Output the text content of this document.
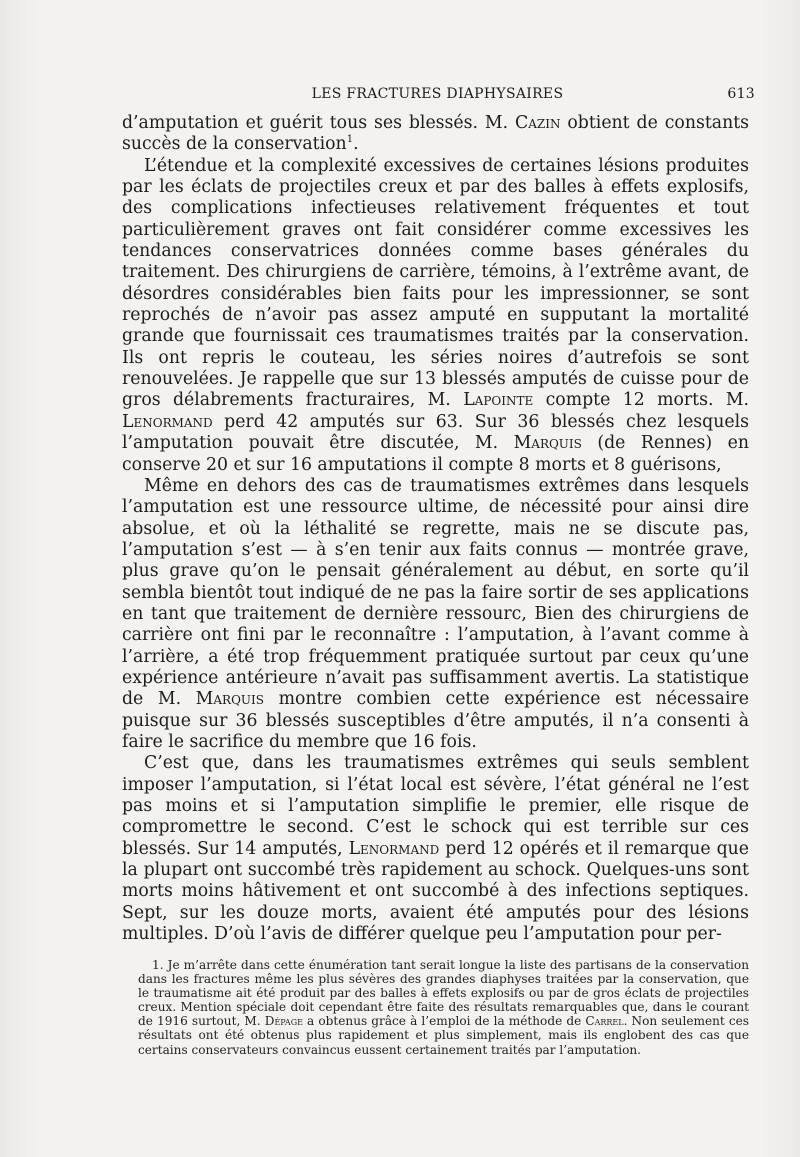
LES FRACTURES DIAPHYSAIRES	613

d’amputation et guérit tous ses blessés. M. Cazin obtient de constants succès de la conservation$^1$.

L’étendue et la complexité excessives de certaines lésions produites par les éclats de projectiles creux et par des balles à effets explosifs, des complications infectieuses relativement fréquentes et tout particulièrement graves ont fait considérer comme excessives les tendances conservatrices données comme bases générales du traitement. Des chirurgiens de carrière, témoins, à l’extrême avant, de désordres considérables bien faits pour les impressionner, se sont reprochés de n’avoir pas assez amputé en supputant la mortalité grande que fournissait ces traumatismes traités par la conservation. Ils ont repris le couteau, les séries noires d’autrefois se sont renouvelées. Je rappelle que sur 13 blessés amputés de cuisse pour de gros délabrements fracturaires, M. Lapointe compte 12 morts. M. Lenormand perd 42 amputés sur 63. Sur 36 blessés chez lesquels l’amputation pouvait être discutée, M. Marquis (de Rennes) en conserve 20 et sur 16 amputations il compte 8 morts et 8 guérisons,

Même en dehors des cas de traumatismes extrêmes dans lesquels l’amputation est une ressource ultime, de nécessité pour ainsi dire absolue, et où la léthalité se regrette, mais ne se discute pas, l’amputation s’est — à s’en tenir aux faits connus — montrée grave, plus grave qu’on le pensait généralement au début, en sorte qu’il sembla bientôt tout indiqué de ne pas la faire sortir de ses applications en tant que traitement de dernière ressourc, Bien des chirurgiens de carrière ont fini par le reconnaître : l’amputation, à l’avant comme à l’arrière, a été trop fréquemment pratiquée surtout par ceux qu’une expérience antérieure n’avait pas suffisamment avertis. La statistique de M. Marquis montre combien cette expérience est nécessaire puisque sur 36 blessés susceptibles d’être amputés, il n’a consenti à faire le sacrifice du membre que 16 fois.

C’est que, dans les traumatismes extrêmes qui seuls semblent imposer l’amputation, si l’état local est sévère, l’état général ne l’est pas moins et si l’amputation simplifie le premier, elle risque de compromettre le second. C’est le schock qui est terrible sur ces blessés. Sur 14 amputés, Lenormand perd 12 opérés et il remarque que la plupart ont succombé très rapidement au schock. Quelques-uns sont morts moins hâtivement et ont succombé à des infections septiques. Sept, sur les douze morts, avaient été amputés pour des lésions multiples. D’où l’avis de différer quelque peu l’amputation pour per-

1. Je m’arrête dans cette énumération tant serait longue la liste des partisans de la conservation dans les fractures même les plus sévères des grandes diaphyses traitées par la conservation, que le traumatisme ait été produit par des balles à effets explosifs ou par de gros éclats de projectiles creux. Mention spéciale doit cependant être faite des résultats remarquables que, dans le courant de 1916 surtout, M. Dépage a obtenus grâce à l’emploi de la méthode de Carrel. Non seulement ces résultats ont été obtenus plus rapidement et plus simplement, mais ils englobent des cas que certains conservateurs convaincus eussent certainement traités par l’amputation.
